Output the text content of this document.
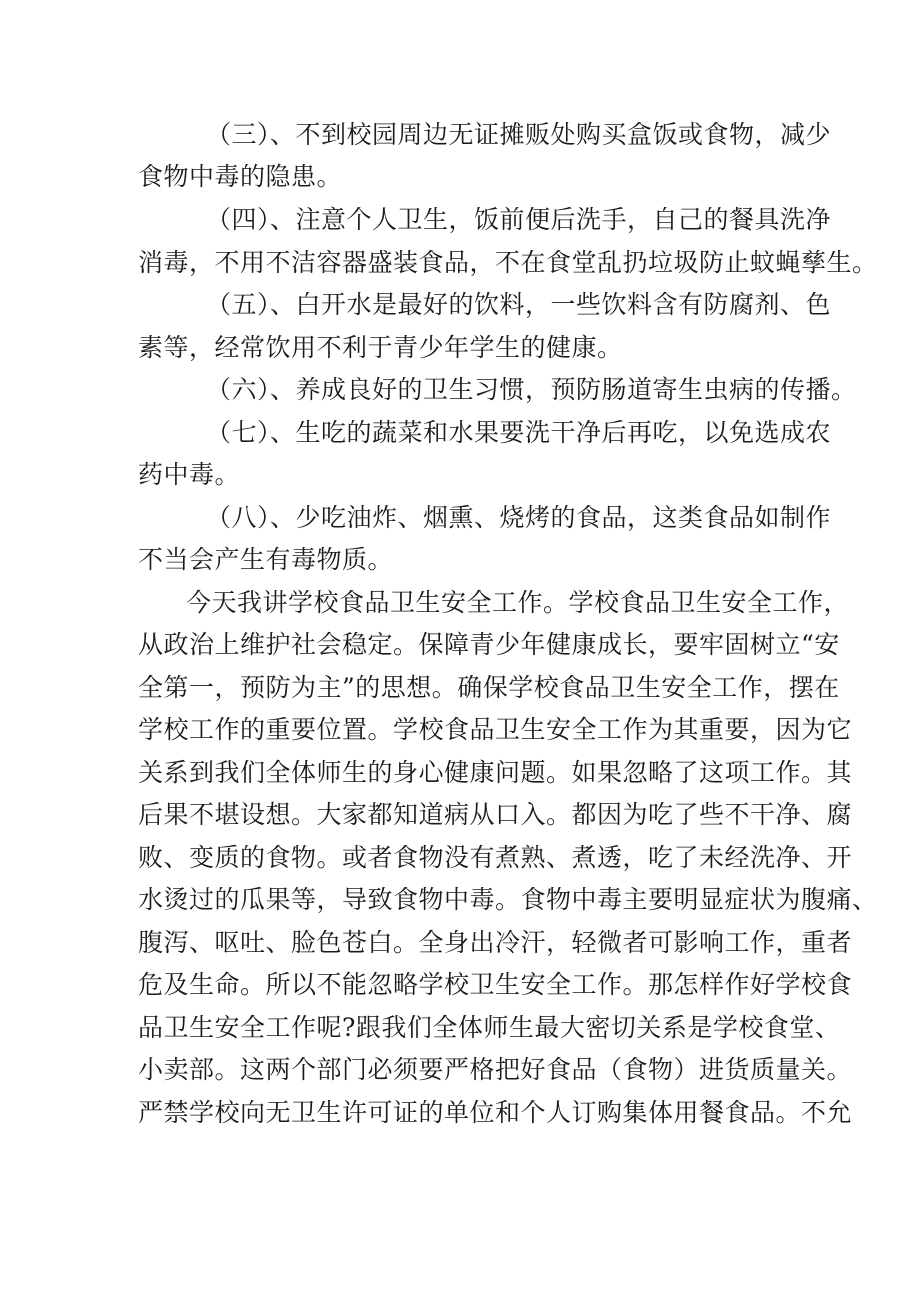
（三）、不到校园周边无证摊贩处购买盒饭或食物，减少
食物中毒的隐患。
（四）、注意个人卫生，饭前便后洗手，自己的餐具洗净
消毒，不用不洁容器盛装食品，不在食堂乱扔垃圾防止蚊蝇孳生。
（五）、白开水是最好的饮料，一些饮料含有防腐剂、色
素等，经常饮用不利于青少年学生的健康。
（六）、养成良好的卫生习惯，预防肠道寄生虫病的传播。
（七）、生吃的蔬菜和水果要洗干净后再吃，以免选成农
药中毒。
（八）、少吃油炸、烟熏、烧烤的食品，这类食品如制作
不当会产生有毒物质。
今天我讲学校食品卫生安全工作。学校食品卫生安全工作，
从政治上维护社会稳定。保障青少年健康成长，要牢固树立“安
全第一，预防为主”的思想。确保学校食品卫生安全工作，摆在
学校工作的重要位置。学校食品卫生安全工作为其重要，因为它
关系到我们全体师生的身心健康问题。如果忽略了这项工作。其
后果不堪设想。大家都知道病从口入。都因为吃了些不干净、腐
败、变质的食物。或者食物没有煮熟、煮透，吃了未经洗净、开
水烫过的瓜果等，导致食物中毒。食物中毒主要明显症状为腹痛、
腹泻、呕吐、脸色苍白。全身出冷汗，轻微者可影响工作，重者
危及生命。所以不能忽略学校卫生安全工作。那怎样作好学校食
品卫生安全工作呢?跟我们全体师生最大密切关系是学校食堂、
小卖部。这两个部门必须要严格把好食品（食物）进货质量关。
严禁学校向无卫生许可证的单位和个人订购集体用餐食品。不允
